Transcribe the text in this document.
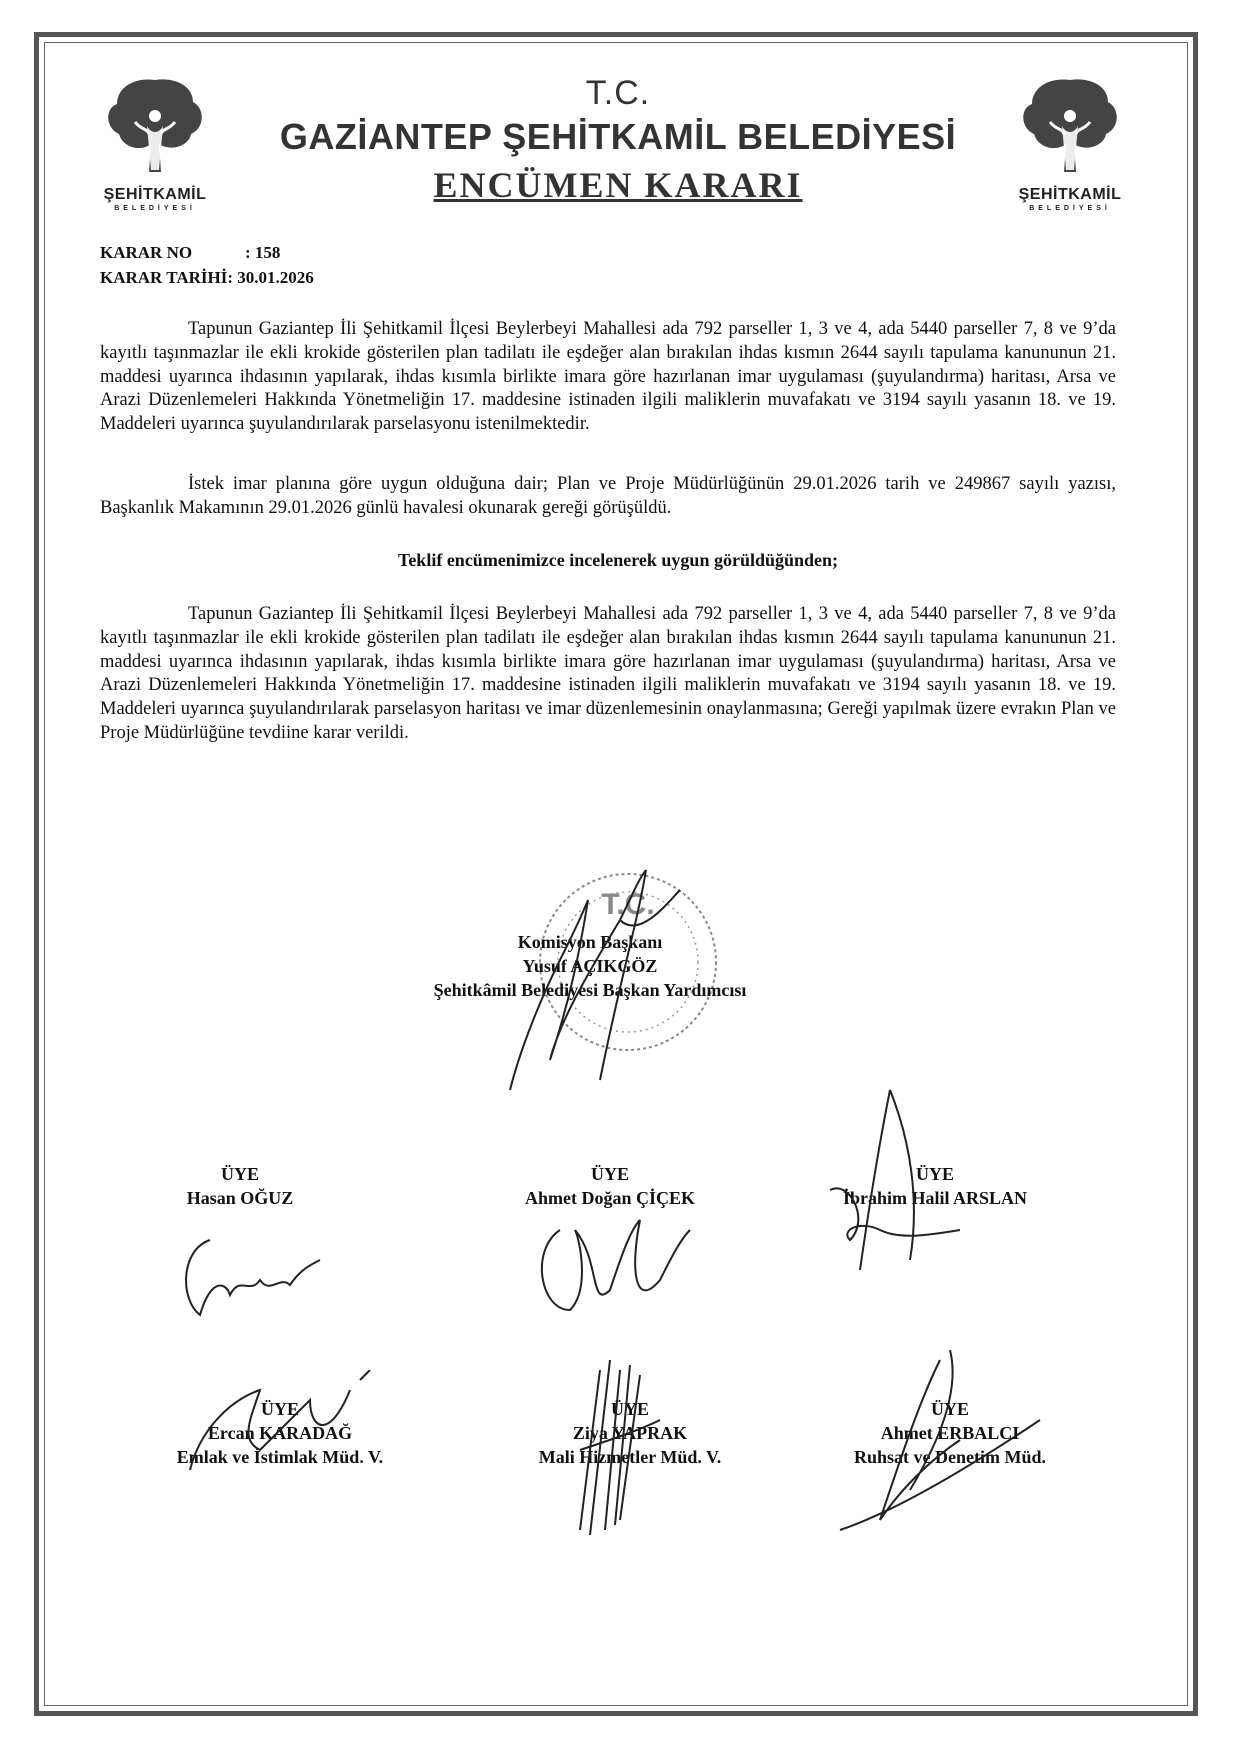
ŞEHİTKAMİL
BELEDİYESİ
ŞEHİTKAMİL
BELEDİYESİ
T.C.
GAZİANTEP ŞEHİTKAMİL BELEDİYESİ
ENCÜMEN KARARI
KARAR NO	: 158
KARAR TARİHİ: 30.01.2026
Tapunun Gaziantep İli Şehitkamil İlçesi Beylerbeyi Mahallesi ada 792 parseller 1, 3 ve 4, ada 5440 parseller 7, 8 ve 9’da kayıtlı taşınmazlar ile ekli krokide gösterilen plan tadilatı ile eşdeğer alan bırakılan ihdas kısmın 2644 sayılı tapulama kanununun 21. maddesi uyarınca ihdasının yapılarak, ihdas kısımla birlikte imara göre hazırlanan imar uygulaması (şuyulandırma) haritası, Arsa ve Arazi Düzenlemeleri Hakkında Yönetmeliğin 17. maddesine istinaden ilgili maliklerin muvafakatı ve 3194 sayılı yasanın 18. ve 19. Maddeleri uyarınca şuyulandırılarak parselasyonu istenilmektedir.
İstek imar planına göre uygun olduğuna dair; Plan ve Proje Müdürlüğünün 29.01.2026 tarih ve 249867 sayılı yazısı, Başkanlık Makamının 29.01.2026 günlü havalesi okunarak gereği görüşüldü.
Teklif encümenimizce incelenerek uygun görüldüğünden;
Tapunun Gaziantep İli Şehitkamil İlçesi Beylerbeyi Mahallesi ada 792 parseller 1, 3 ve 4, ada 5440 parseller 7, 8 ve 9’da kayıtlı taşınmazlar ile ekli krokide gösterilen plan tadilatı ile eşdeğer alan bırakılan ihdas kısmın 2644 sayılı tapulama kanununun 21. maddesi uyarınca ihdasının yapılarak, ihdas kısımla birlikte imara göre hazırlanan imar uygulaması (şuyulandırma) haritası, Arsa ve Arazi Düzenlemeleri Hakkında Yönetmeliğin 17. maddesine istinaden ilgili maliklerin muvafakatı ve 3194 sayılı yasanın 18. ve 19. Maddeleri uyarınca şuyulandırılarak parselasyon haritası ve imar düzenlemesinin onaylanmasına; Gereği yapılmak üzere evrakın Plan ve Proje Müdürlüğüne tevdiine karar verildi.
T.C.
Komisyon Başkanı
Yusuf AÇIKGÖZ
Şehitkâmil Belediyesi Başkan Yardımcısı
ÜYE
Hasan OĞUZ
ÜYE
Ahmet Doğan ÇİÇEK
ÜYE
İbrahim Halil ARSLAN
ÜYE
Ercan KARADAĞ
Emlak ve İstimlak Müd. V.
ÜYE
Ziya YAPRAK
Mali Hizmetler Müd. V.
ÜYE
Ahmet ERBALCI
Ruhsat ve Denetim Müd.
